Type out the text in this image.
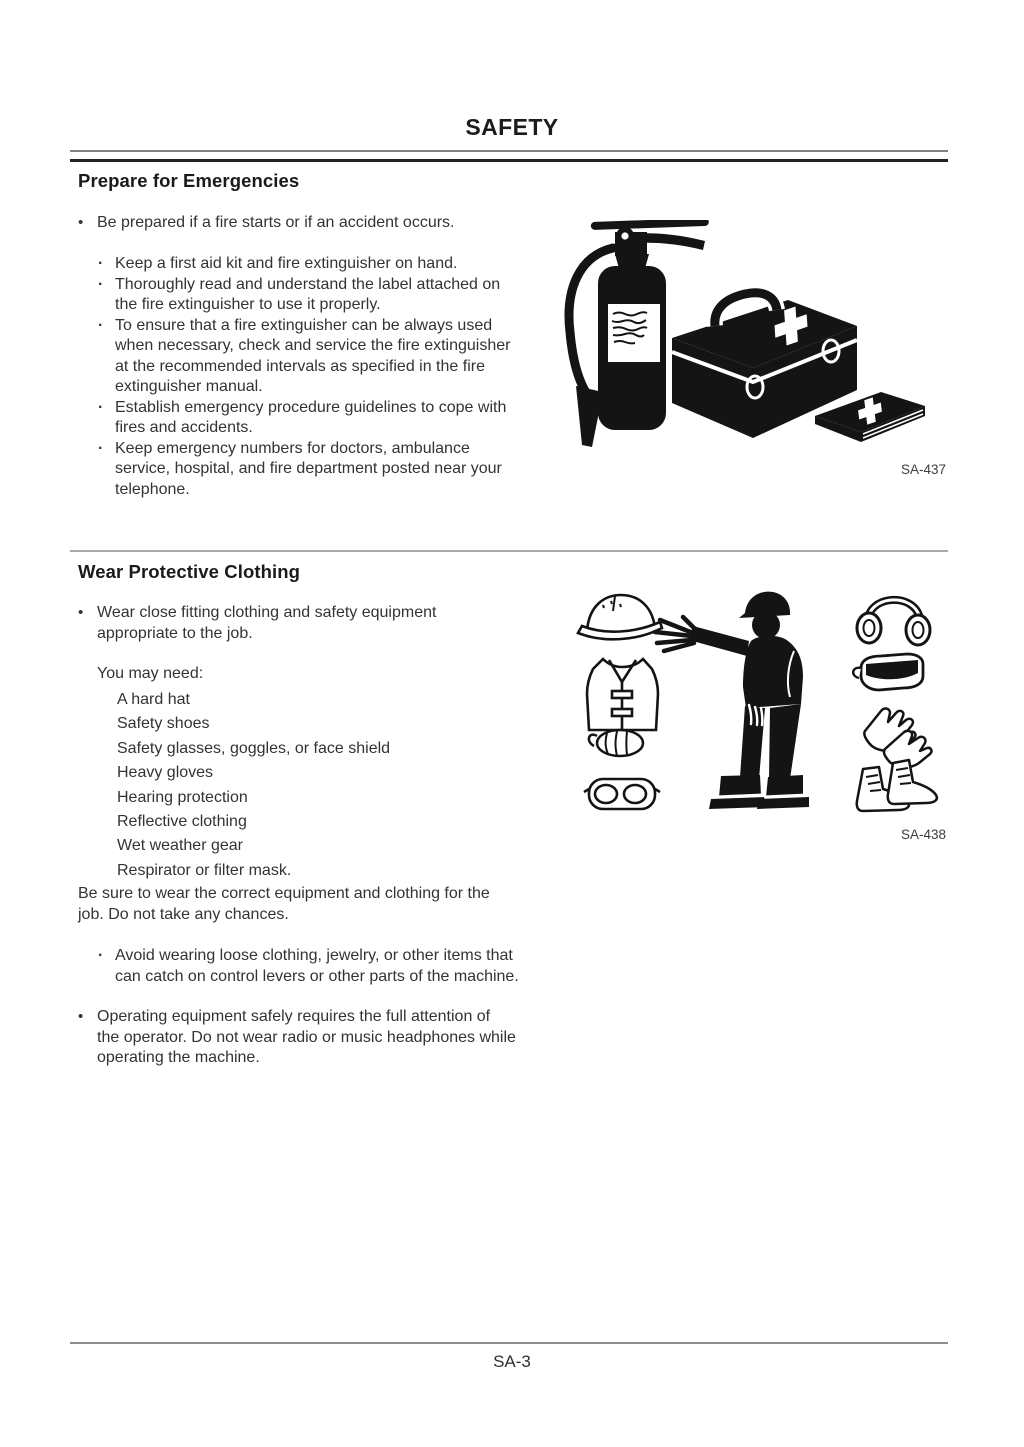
SAFETY
Prepare for Emergencies
• Be prepared if a fire starts or if an accident occurs.
· Keep a first aid kit and fire extinguisher on hand.
· Thoroughly read and understand the label attached on
the fire extinguisher to use it properly.
· To ensure that a fire extinguisher can be always used
when necessary, check and service the fire extinguisher
at the recommended intervals as specified in the fire
extinguisher manual.
· Establish emergency procedure guidelines to cope with
fires and accidents.
· Keep emergency numbers for doctors, ambulance
service, hospital, and fire department posted near your
telephone.
SA-437
Wear Protective Clothing
• Wear close fitting clothing and safety equipment
appropriate to the job.
You may need:
A hard hat
Safety shoes
Safety glasses, goggles, or face shield
Heavy gloves
Hearing protection
Reflective clothing
Wet weather gear
Respirator or filter mask.
Be sure to wear the correct equipment and clothing for the
job. Do not take any chances.
· Avoid wearing loose clothing, jewelry, or other items that
can catch on control levers or other parts of the machine.
• Operating equipment safely requires the full attention of
the operator. Do not wear radio or music headphones while
operating the machine.
SA-438
SA-3
